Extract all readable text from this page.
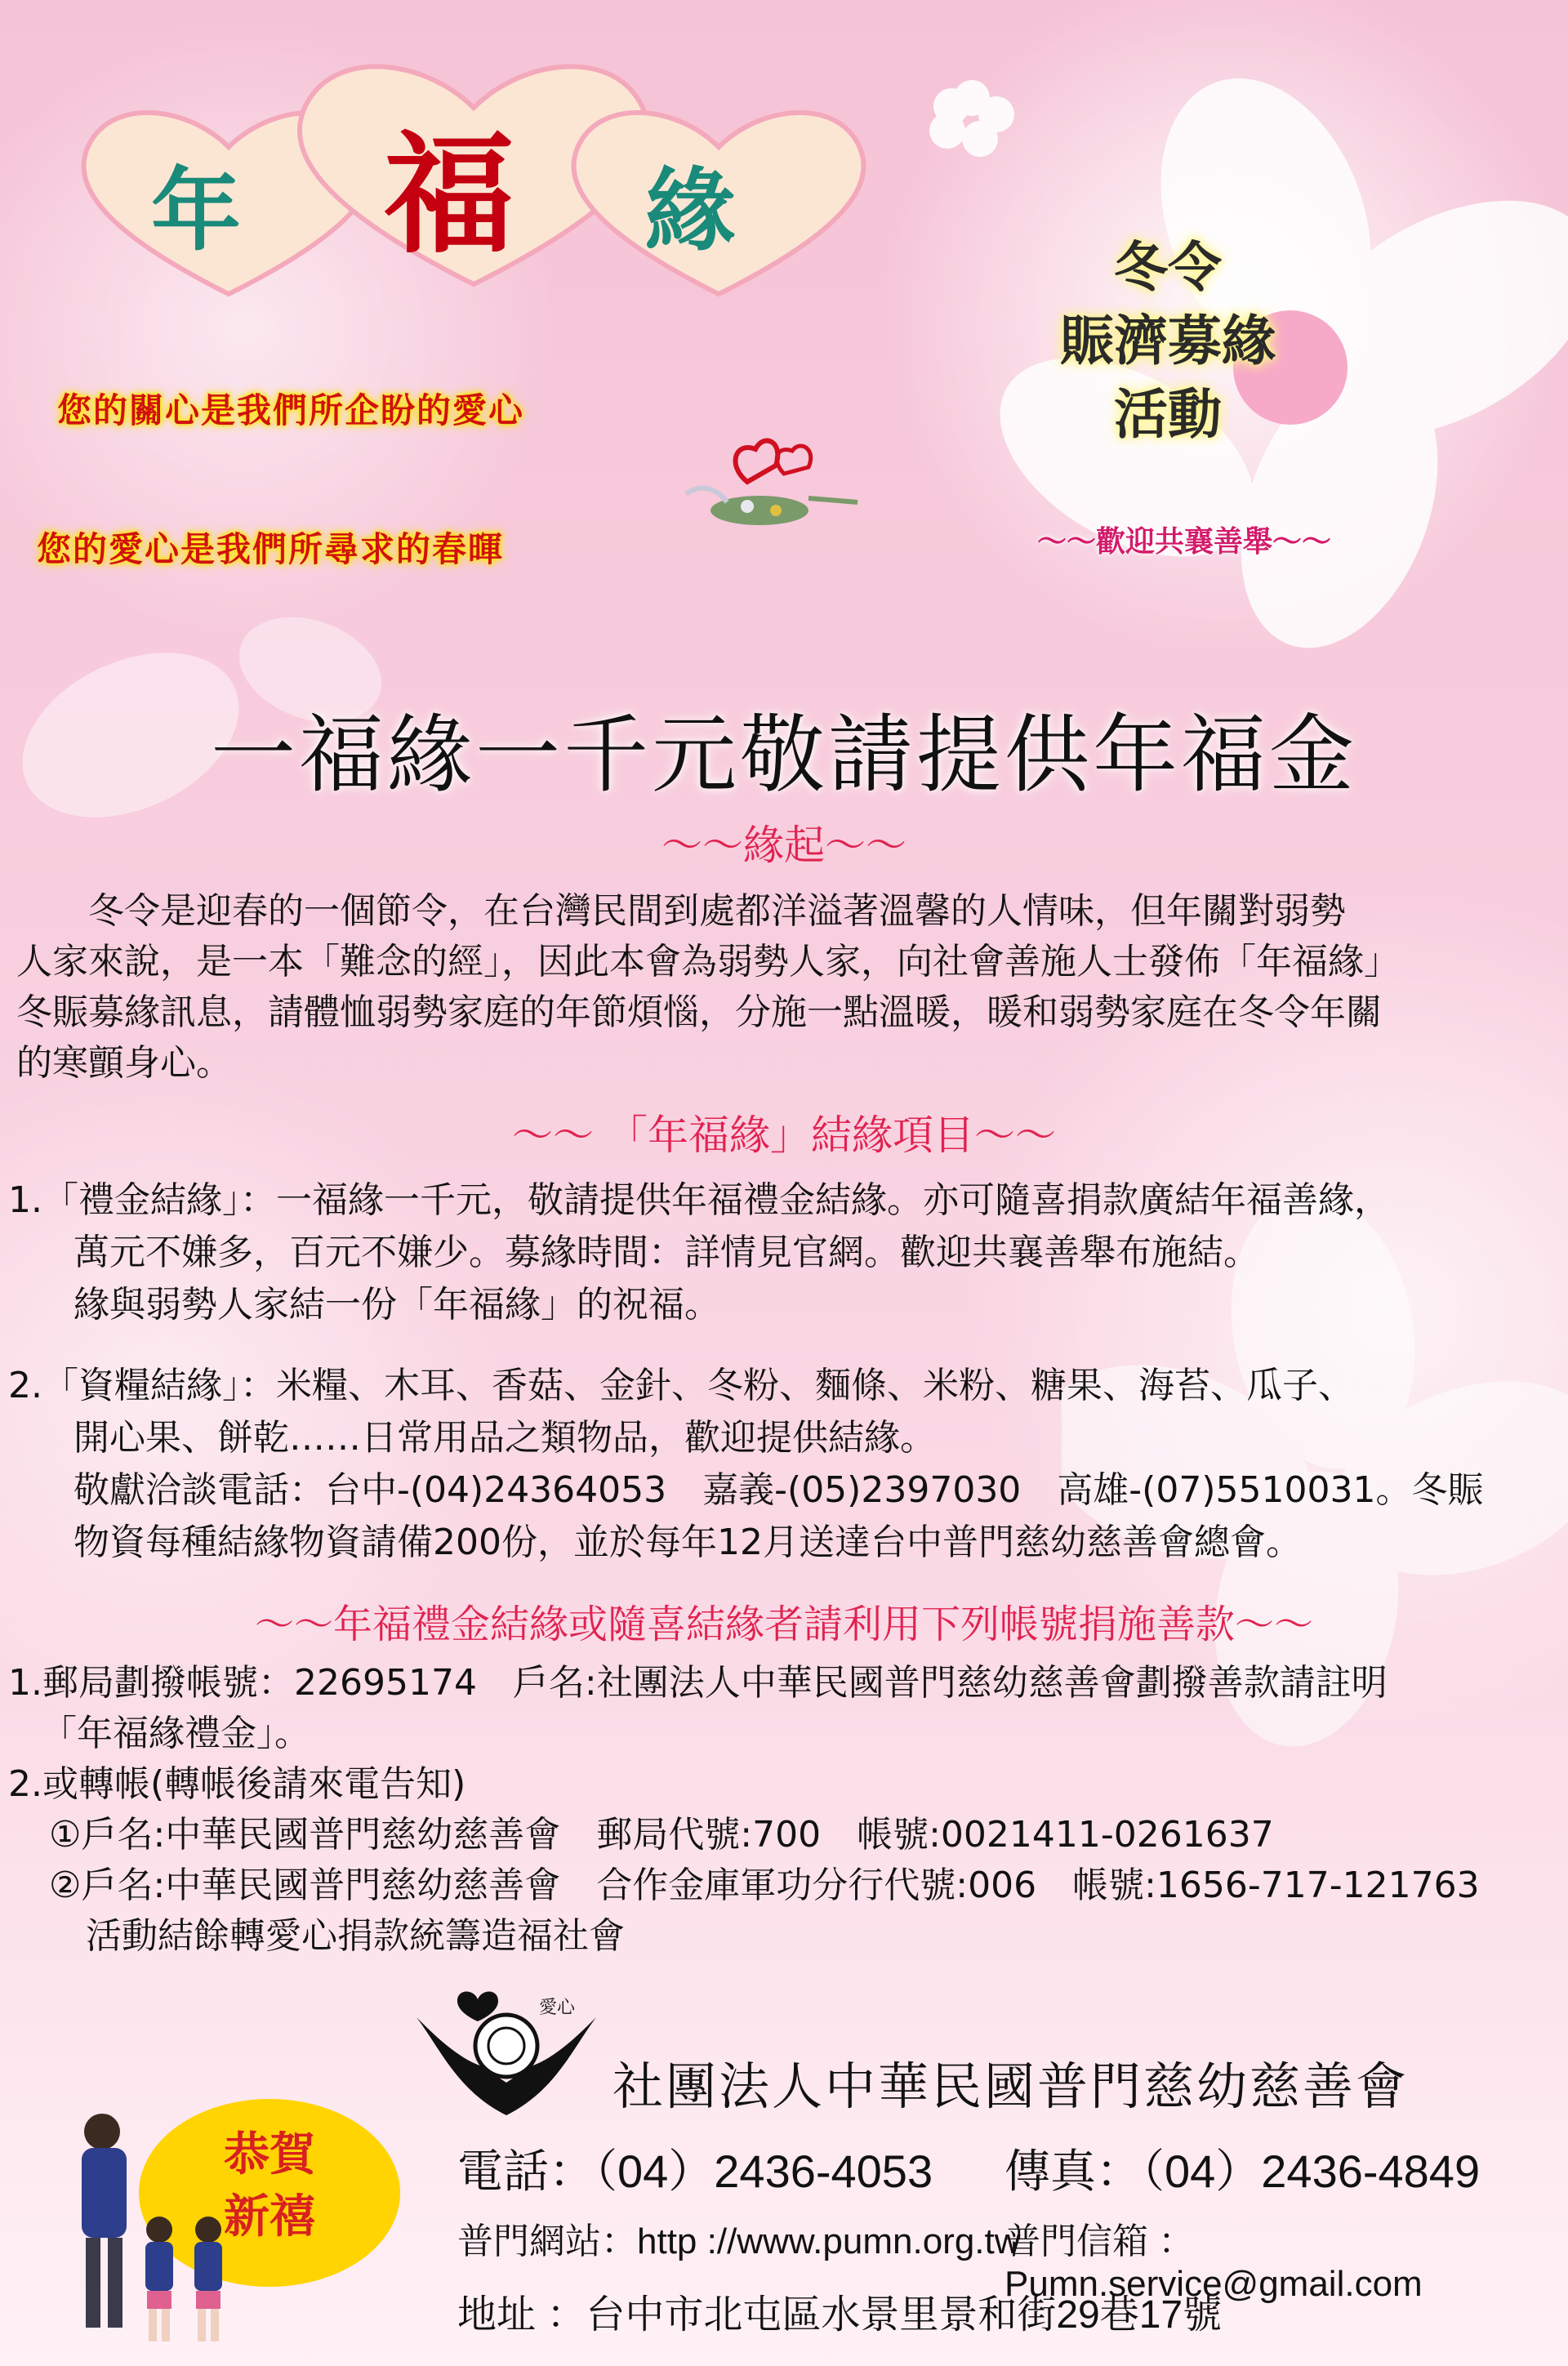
年 福 緣
您的關心是我們所企盼的愛心
您的愛心是我們所尋求的春暉
冬令
賑濟募緣
活動
～～歡迎共襄善舉～～
一福緣一千元敬請提供年福金
～～緣起～～
　　冬令是迎春的一個節令，在台灣民間到處都洋溢著溫馨的人情味，但年關對弱勢
人家來說，是一本「難念的經」，因此本會為弱勢人家，向社會善施人士發佈「年福緣」
冬賑募緣訊息，請體恤弱勢家庭的年節煩惱，分施一點溫暖，暖和弱勢家庭在冬令年關
的寒顫身心。
～～ 「年福緣」結緣項目～～
1.「禮金結緣」：一福緣一千元，敬請提供年福禮金結緣。亦可隨喜捐款廣結年福善緣，
萬元不嫌多，百元不嫌少。募緣時間：詳情見官網。歡迎共襄善舉布施結。
緣與弱勢人家結一份「年福緣」的祝福。
2.「資糧結緣」：米糧、木耳、香菇、金針、冬粉、麵條、米粉、糖果、海苔、瓜子、
開心果、餅乾……日常用品之類物品，歡迎提供結緣。
敬獻洽談電話：台中-(04)24364053　嘉義-(05)2397030　高雄-(07)5510031。冬賑
物資每種結緣物資請備200份，並於每年12月送達台中普門慈幼慈善會總會。
～～年福禮金結緣或隨喜結緣者請利用下列帳號捐施善款～～
1.郵局劃撥帳號：22695174　戶名:社團法人中華民國普門慈幼慈善會劃撥善款請註明
「年福緣禮金」。
2.或轉帳(轉帳後請來電告知)
①戶名:中華民國普門慈幼慈善會　郵局代號:700　帳號:0021411-0261637
②戶名:中華民國普門慈幼慈善會　合作金庫軍功分行代號:006　帳號:1656-717-121763
活動結餘轉愛心捐款統籌造福社會
愛心
社團法人中華民國普門慈幼慈善會
恭賀
新禧
電話：（04）2436-4053 傳真：（04）2436-4849
普門網站：http ://www.pumn.org.tw
普門信箱 ：Pumn.service@gmail.com
地址 ：台中市北屯區水景里景和街29巷17號
